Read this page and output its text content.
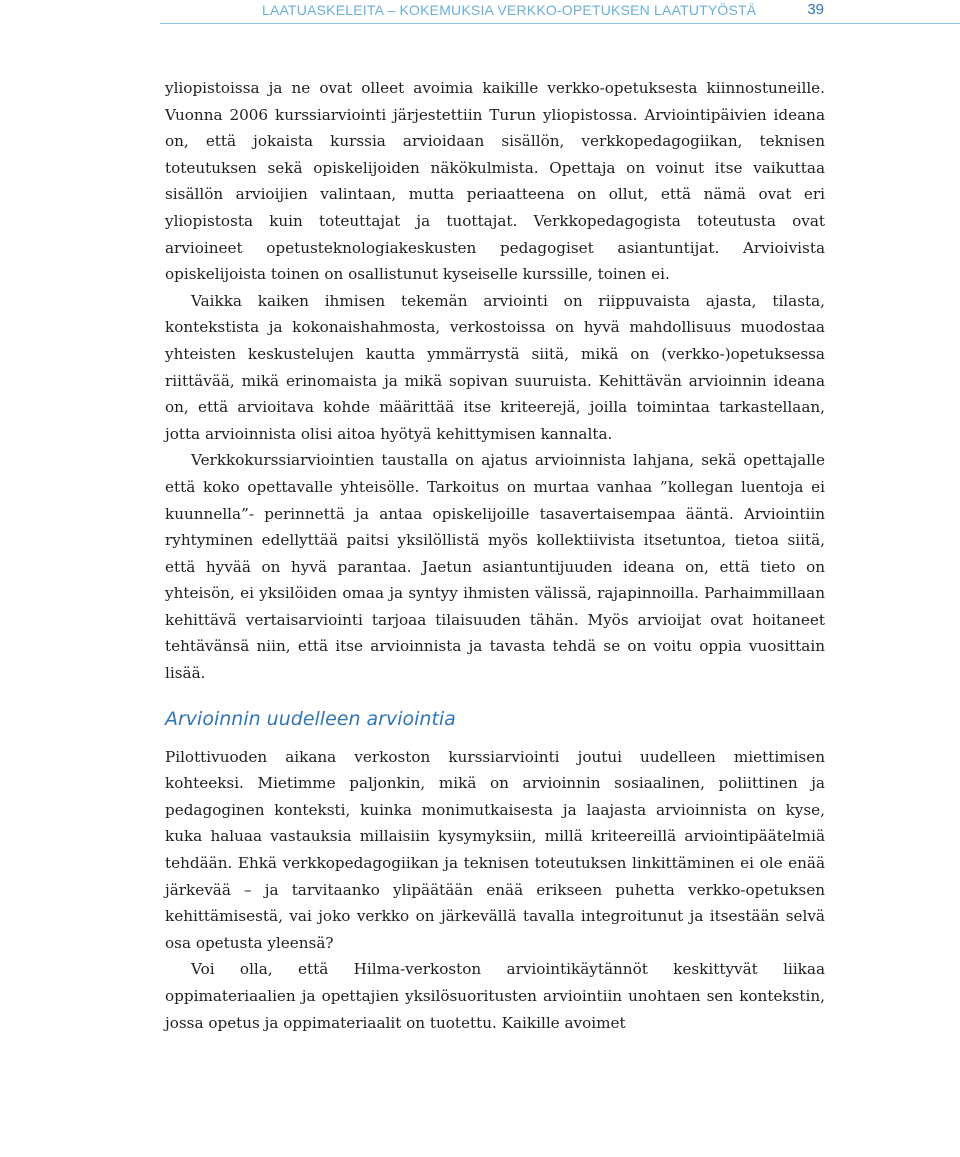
LAATUASKELEITA – KOKEMUKSIA VERKKO-OPETUKSEN LAATUTYÖSTÄ	39

yliopistoissa ja ne ovat olleet avoimia kaikille verkko-opetuksesta kiinnostuneille. Vuonna 2006 kurssiarviointi järjestettiin Turun yliopistossa. Arviointipäivien ideana on, että jokaista kurssia arvioidaan sisällön, verkkopedagogiikan, teknisen toteutuksen sekä opiskelijoiden näkökulmista. Opettaja on voinut itse vaikuttaa sisällön arvioijien valintaan, mutta periaatteena on ollut, että nämä ovat eri yliopistosta kuin toteuttajat ja tuottajat. Verkkopedagogista toteutusta ovat arvioineet opetusteknologiakeskusten pedagogiset asiantuntijat. Arvioivista opiskelijoista toinen on osallistunut kyseiselle kurssille, toinen ei.

Vaikka kaiken ihmisen tekemän arviointi on riippuvaista ajasta, tilasta, kontekstista ja kokonaishahmosta, verkostoissa on hyvä mahdollisuus muodostaa yhteisten keskustelujen kautta ymmärrystä siitä, mikä on (verkko-)opetuksessa riittävää, mikä erinomaista ja mikä sopivan suuruista. Kehittävän arvioinnin ideana on, että arvioitava kohde määrittää itse kriteerejä, joilla toimintaa tarkastellaan, jotta arvioinnista olisi aitoa hyötyä kehittymisen kannalta.

Verkkokurssiarviointien taustalla on ajatus arvioinnista lahjana, sekä opettajalle että koko opettavalle yhteisölle. Tarkoitus on murtaa vanhaa ”kollegan luentoja ei kuunnella”- perinnettä ja antaa opiskelijoille tasavertaisempaa ääntä. Arviointiin ryhtyminen edellyttää paitsi yksilöllistä myös kollektiivista itsetuntoa, tietoa siitä, että hyvää on hyvä parantaa. Jaetun asiantuntijuuden ideana on, että tieto on yhteisön, ei yksilöiden omaa ja syntyy ihmisten välissä, rajapinnoilla. Parhaimmillaan kehittävä vertaisarviointi tarjoaa tilaisuuden tähän. Myös arvioijat ovat hoitaneet tehtävänsä niin, että itse arvioinnista ja tavasta tehdä se on voitu oppia vuosittain lisää.

Arvioinnin uudelleen arviointia

Pilottivuoden aikana verkoston kurssiarviointi joutui uudelleen miettimisen kohteeksi. Mietimme paljonkin, mikä on arvioinnin sosiaalinen, poliittinen ja pedagoginen konteksti, kuinka monimutkaisesta ja laajasta arvioinnista on kyse, kuka haluaa vastauksia millaisiin kysymyksiin, millä kriteereillä arviointipäätelmiä tehdään. Ehkä verkkopedagogiikan ja teknisen toteutuksen linkittäminen ei ole enää järkevää – ja tarvitaanko ylipäätään enää erikseen puhetta verkko-opetuksen kehittämisestä, vai joko verkko on järkevällä tavalla integroitunut ja itsestään selvä osa opetusta yleensä?

Voi olla, että Hilma-verkoston arviointikäytännöt keskittyvät liikaa oppimateriaalien ja opettajien yksilösuoritusten arviointiin unohtaen sen kontekstin, jossa opetus ja oppimateriaalit on tuotettu. Kaikille avoimet
